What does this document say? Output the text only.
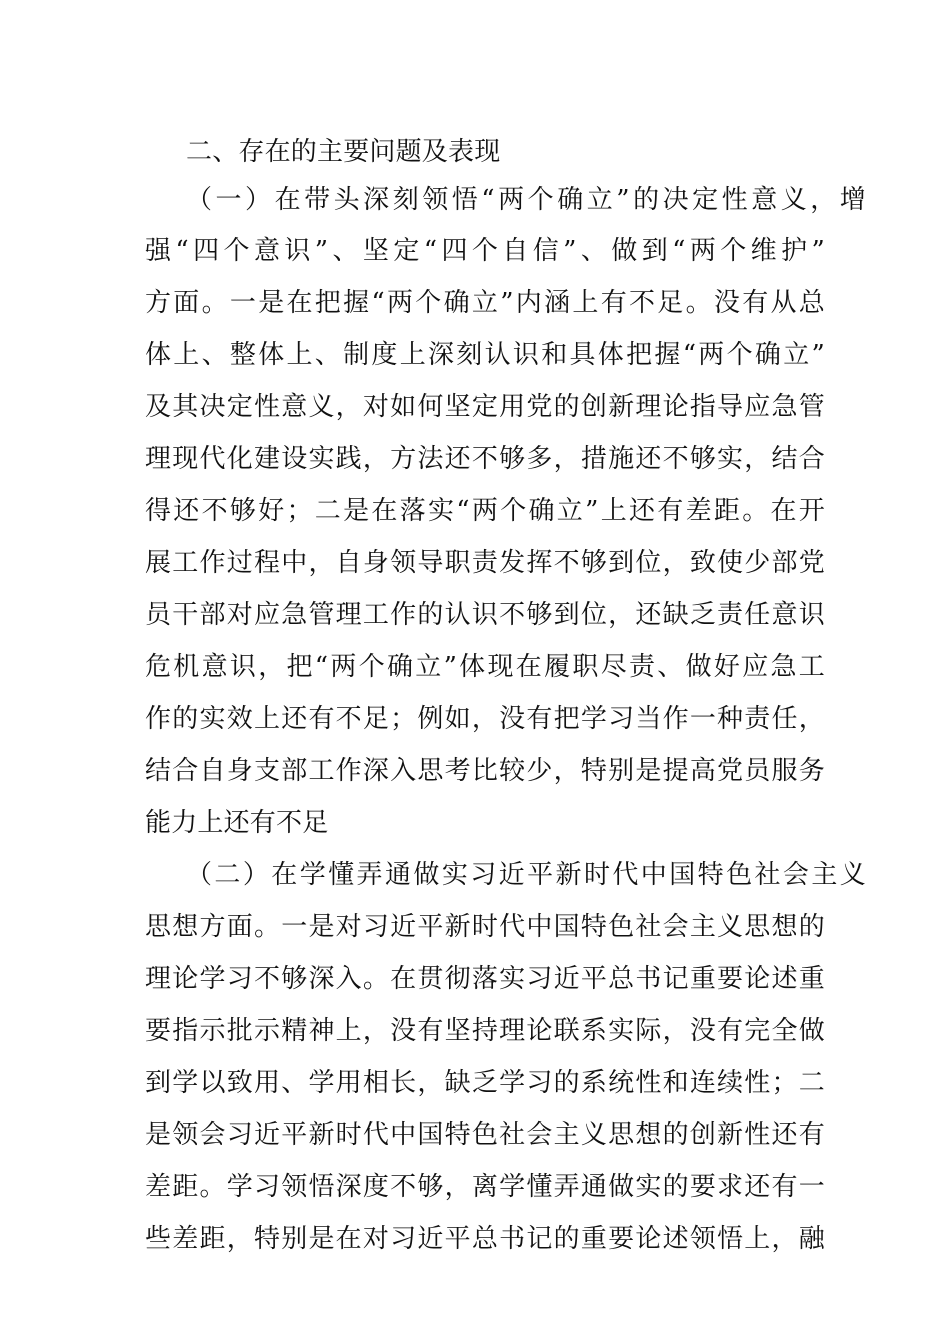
二、存在的主要问题及表现
（一）在带头深刻领悟“两个确立”的决定性意义，增
强“四个意识”、坚定“四个自信”、做到“两个维护”
方面。一是在把握“两个确立”内涵上有不足。没有从总
体上、整体上、制度上深刻认识和具体把握“两个确立”
及其决定性意义，对如何坚定用党的创新理论指导应急管
理现代化建设实践，方法还不够多，措施还不够实，结合
得还不够好；二是在落实“两个确立”上还有差距。在开
展工作过程中，自身领导职责发挥不够到位，致使少部党
员干部对应急管理工作的认识不够到位，还缺乏责任意识
危机意识，把“两个确立”体现在履职尽责、做好应急工
作的实效上还有不足；例如，没有把学习当作一种责任，
结合自身支部工作深入思考比较少，特别是提高党员服务
能力上还有不足
（二）在学懂弄通做实习近平新时代中国特色社会主义
思想方面。一是对习近平新时代中国特色社会主义思想的
理论学习不够深入。在贯彻落实习近平总书记重要论述重
要指示批示精神上，没有坚持理论联系实际，没有完全做
到学以致用、学用相长，缺乏学习的系统性和连续性；二
是领会习近平新时代中国特色社会主义思想的创新性还有
差距。学习领悟深度不够，离学懂弄通做实的要求还有一
些差距，特别是在对习近平总书记的重要论述领悟上，融
